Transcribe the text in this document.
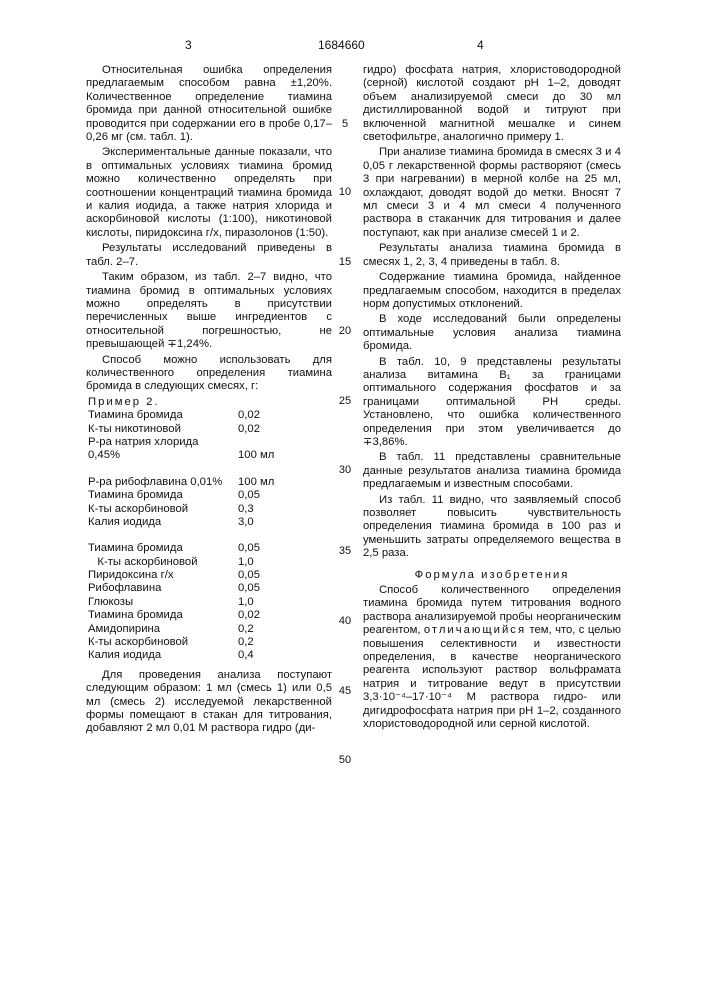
3	1684660	4

Относительная ошибка определения предлагаемым способом равна ±1,20%. Количественное определение тиамина бромида при данной относительной ошибке проводится при содержании его в пробе 0,17–0,26 мг (см. табл. 1).

Экспериментальные данные показали, что в оптимальных условиях тиамина бромид можно количественно определять при соотношении концентраций тиамина бромида и калия иодида, а также натрия хлорида и аскорбиновой кислоты (1:100), никотиновой кислоты, пиридоксина г/х, пиразолонов (1:50).

Результаты исследований приведены в табл. 2–7.

Таким образом, из табл. 2–7 видно, что тиамина бромид в оптимальных условиях можно определять в присутствии перечисленных выше ингредиентов с относительной погрешностью, не превышающей ∓1,24%.

Способ можно использовать для количественного определения тиамина бромида в следующих смесях, г:

Пример 2.
Тиамина бромида	0,02
К-ты никотиновой	0,02
Р-ра натрия хлорида
0,45%	100 мл
Р-ра рибофлавина 0,01%	100 мл
Тиамина бромида	0,05
К-ты аскорбиновой	0,3
Калия иодида	3,0
Тиамина бромида	0,05
К-ты аскорбиновой	1,0
Пиридоксина г/х	0,05
Рибофлавина	0,05
Глюкозы	1,0
Тиамина бромида	0,02
Амидопирина	0,2
К-ты аскорбиновой	0,2
Калия иодида	0,4

Для проведения анализа поступают следующим образом: 1 мл (смесь 1) или 0,5 мл (смесь 2) исследуемой лекарственной формы помещают в стакан для титрования, добавляют 2 мл 0,01 М раствора гидро (ди-

5
10
15
20
25
30
35
40
45
50

гидро) фосфата натрия, хлористоводородной (серной) кислотой создают pH 1–2, доводят объем анализируемой смеси до 30 мл дистиллированной водой и титруют при включенной магнитной мешалке и синем светофильтре, аналогично примеру 1.

При анализе тиамина бромида в смесях 3 и 4 0,05 г лекарственной формы растворяют (смесь 3 при нагревании) в мерной колбе на 25 мл, охлаждают, доводят водой до метки. Вносят 7 мл смеси 3 и 4 мл смеси 4 полученного раствора в стаканчик для титрования и далее поступают, как при анализе смесей 1 и 2.

Результаты анализа тиамина бромида в смесях 1, 2, 3, 4 приведены в табл. 8.

Содержание тиамина бромида, найденное предлагаемым способом, находится в пределах норм допустимых отклонений.

В ходе исследований были определены оптимальные условия анализа тиамина бромида.

В табл. 10, 9 представлены результаты анализа витамина B₁ за границами оптимального содержания фосфатов и за границами оптимальной PH среды. Установлено, что ошибка количественного определения при этом увеличивается до ∓3,86%.

В табл. 11 представлены сравнительные данные результатов анализа тиамина бромида предлагаемым и известным способами.

Из табл. 11 видно, что заявляемый способ позволяет повысить чувствительность определения тиамина бромида в 100 раз и уменьшить затраты определяемого вещества в 2,5 раза.

Формула изобретения

Способ количественного определения тиамина бромида путем титрования водного раствора анализируемой пробы неорганическим реагентом, отличающийся тем, что, с целью повышения селективности и известности определения, в качестве неорганического реагента используют раствор вольфрамата натрия и титрование ведут в присутствии 3,3·10⁻⁴–17·10⁻⁴ М раствора гидро- или дигидрофосфата натрия при pH 1–2, созданного хлористоводородной или серной кислотой.
